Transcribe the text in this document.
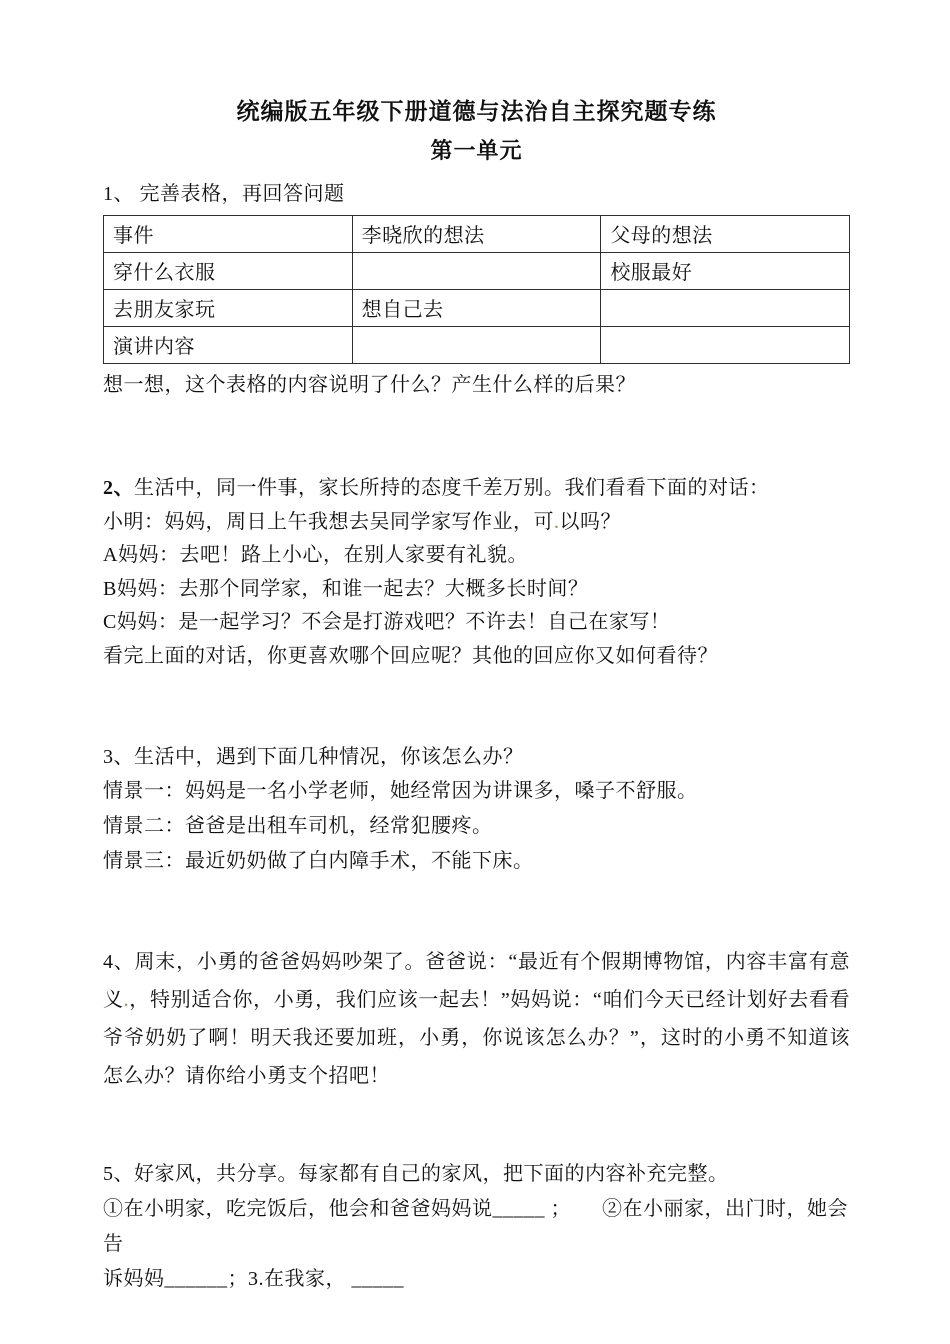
统编版五年级下册道德与法治自主探究题专练
第一单元
1、 完善表格，再回答问题
事件	李晓欣的想法	父母的想法
穿什么衣服		校服最好
去朋友家玩	想自己去	
演讲内容		
想一想，这个表格的内容说明了什么？产生什么样的后果？
2、生活中，同一件事，家长所持的态度千差万别。我们看看下面的对话：
小明：妈妈，周日上午我想去吴同学家写作业，可.以吗？
A妈妈：去吧！路上小心，在别人家要有礼貌。
B妈妈：去那个同学家，和谁一起去？大概多长时间？
C妈妈：是一起学习？不会是打游戏吧？不许去！自己在家写！
看完上面的对话，你更喜欢哪个回应呢？其他的回应你又如何看待？
3、生活中，遇到下面几种情况，你该怎么办？
情景一：妈妈是一名小学老师，她经常因为讲课多，嗓子不舒服。
情景二：爸爸是出租车司机，经常犯腰疼。
情景三：最近奶奶做了白内障手术，不能下床。

4、周末，小勇的爸爸妈妈吵架了。爸爸说：“最近有个假期博物馆，内容丰富有意义.，特别适合你，小勇，我们应该一起去！”妈妈说：“咱们今天已经计划好去看看爷爷奶奶了啊！明天我还要加班，小勇，你说该怎么办？”，这时的小勇不知道该怎么办？请你给小勇支个招吧！

5、好家风，共分享。每家都有自己的家风，把下面的内容补充完整。
①在小明家，吃完饭后，他会和爸爸妈妈说_____ ；　　②在小丽家，出门时，她会告
诉妈妈______；3.在我家， _____
